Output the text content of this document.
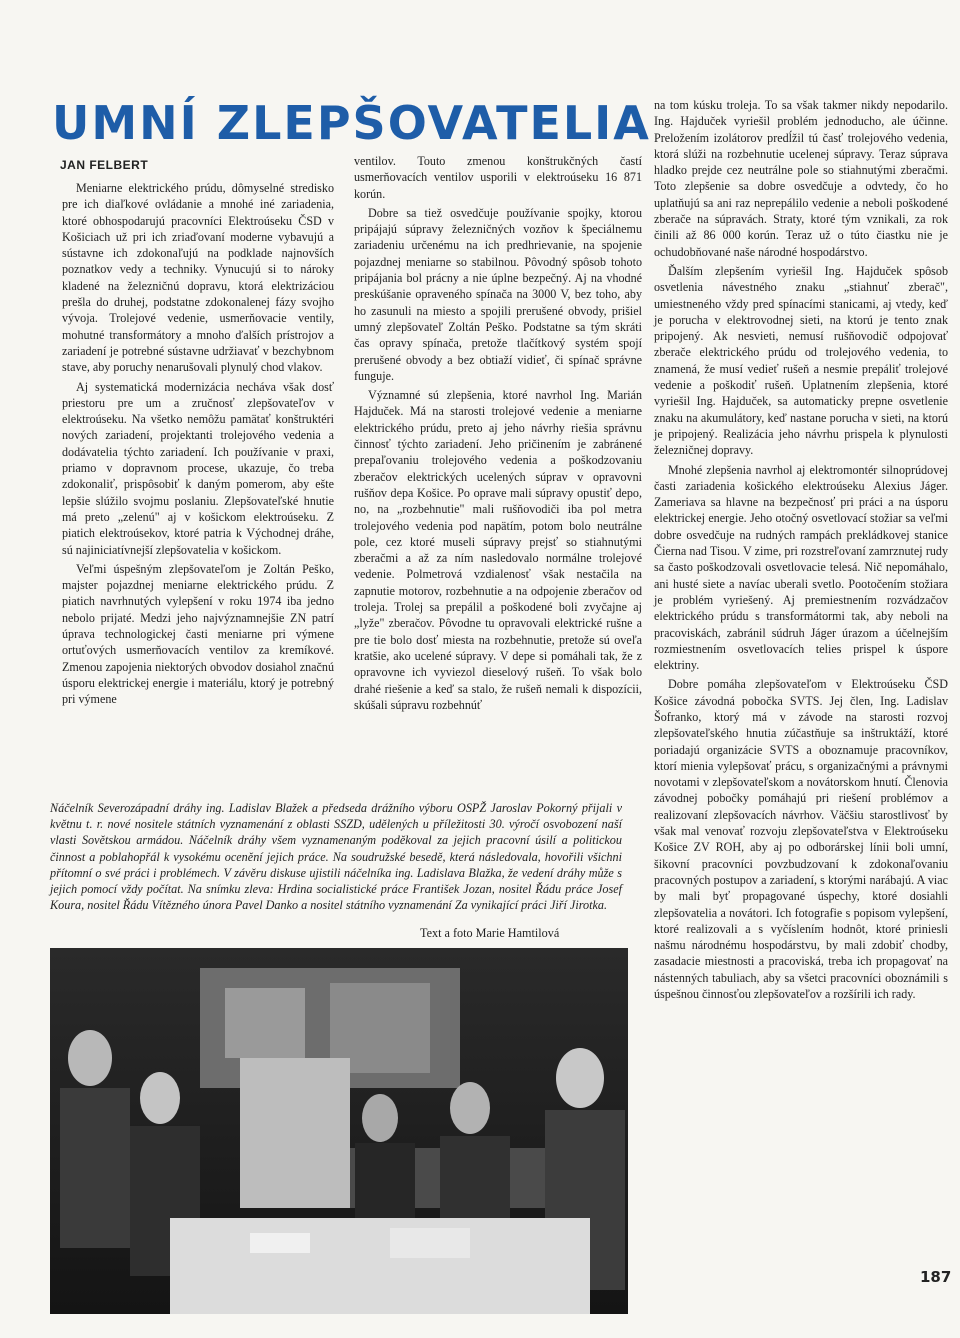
UMNÍ ZLEPŠOVATELIA
JAN FELBERT

Meniarne elektrického prúdu, dômyselné stredisko pre ich diaľkové ovládanie a mnohé iné zariadenia, ktoré obhospodarujú pracovníci Elektroúseku ČSD v Košiciach už pri ich zriaďovaní moderne vybavujú a sústavne ich zdokonaľujú na podklade najnovších poznatkov vedy a techniky. Vynucujú si to nároky kladené na železničnú dopravu, ktorá elektrizáciou prešla do druhej, podstatne zdokonalenej fázy svojho vývoja. Trolejové vedenie, usmerňovacie ventily, mohutné transformátory a mnoho ďalších prístrojov a zariadení je potrebné sústavne udržiavať v bezchybnom stave, aby poruchy nenarušovali plynulý chod vlakov.

Aj systematická modernizácia necháva však dosť priestoru pre um a zručnosť zlepšovateľov v elektroúseku. Na všetko nemôžu pamätať konštruktéri nových zariadení, projektanti trolejového vedenia a dodávatelia týchto zariadení. Ich používanie v praxi, priamo v dopravnom procese, ukazuje, čo treba zdokonaliť, prispôsobiť k daným pomerom, aby ešte lepšie slúžilo svojmu poslaniu. Zlepšovateľské hnutie má preto „zelenú" aj v košickom elektroúseku. Z piatich elektroúsekov, ktoré patria k Východnej dráhe, sú najiniciatívnejší zlepšovatelia v košickom.

Veľmi úspešným zlepšovateľom je Zoltán Peško, majster pojazdnej meniarne elektrického prúdu. Z piatich navrhnutých vylepšení v roku 1974 iba jedno nebolo prijaté. Medzi jeho najvýznamnejšie ZN patrí úprava technologickej časti meniarne pri výmene ortuťových usmerňovacích ventilov za kremíkové. Zmenou zapojenia niektorých obvodov dosiahol značnú úsporu elektrickej energie i materiálu, ktorý je potrebný pri výmene

ventilov. Touto zmenou konštrukčných častí usmerňovacích ventilov usporili v elektroúseku 16 871 korún.

Dobre sa tiež osvedčuje používanie spojky, ktorou pripájajú súpravy železničných vozňov k špeciálnemu zariadeniu určenému na ich predhrievanie, na spojenie pojazdnej meniarne so stabilnou. Pôvodný spôsob tohoto pripájania bol prácny a nie úplne bezpečný. Aj na vhodné preskúšanie opraveného spínača na 3000 V, bez toho, aby ho zasunuli na miesto a spojili prerušené obvody, prišiel umný zlepšovateľ Zoltán Peško. Podstatne sa tým skráti čas opravy spínača, pretože tlačítkový systém spojí prerušené obvody a bez obtiaží vidieť, či spínač správne funguje.

Významné sú zlepšenia, ktoré navrhol Ing. Marián Hajduček. Má na starosti trolejové vedenie a meniarne elektrického prúdu, preto aj jeho návrhy riešia správnu činnosť týchto zariadení. Jeho pričinením je zabránené prepaľovaniu trolejového vedenia a poškodzovaniu zberačov elektrických ucelených súprav v opravovni rušňov depa Košice. Po oprave mali súpravy opustiť depo, no, na „rozbehnutie" mali rušňovodiči iba pol metra trolejového vedenia pod napätím, potom bolo neutrálne pole, cez ktoré museli súpravy prejsť so stiahnutými zberačmi a až za ním nasledovalo normálne trolejové vedenie. Polmetrová vzdialenosť však nestačila na zapnutie motorov, rozbehnutie a na odpojenie zberačov od troleja. Trolej sa prepálil a poškodené boli zvyčajne aj „lyže" zberačov. Pôvodne tu opravovali elektrické rušne a pre tie bolo dosť miesta na rozbehnutie, pretože sú oveľa kratšie, ako ucelené súpravy. V depe si pomáhali tak, že z opravovne ich vyviezol dieselový rušeň. To však bolo drahé riešenie a keď sa stalo, že rušeň nemali k dispozícii, skúšali súpravu rozbehnúť

na tom kúsku troleja. To sa však takmer nikdy nepodarilo. Ing. Hajduček vyriešil problém jednoducho, ale účinne. Preložením izolátorov predĺžil tú časť trolejového vedenia, ktorá slúži na rozbehnutie ucelenej súpravy. Teraz súprava hladko prejde cez neutrálne pole so stiahnutými zberačmi. Toto zlepšenie sa dobre osvedčuje a odvtedy, čo ho uplatňujú sa ani raz neprepálilo vedenie a neboli poškodené zberače na súpravách. Straty, ktoré tým vznikali, za rok činili až 86 000 korún. Teraz už o túto čiastku nie je ochudobňované naše národné hospodárstvo.

Ďalším zlepšením vyriešil Ing. Hajduček spôsob osvetlenia návestného znaku „stiahnuť zberač", umiestneného vždy pred spínacími stanicami, aj vtedy, keď je porucha v elektrovodnej sieti, na ktorú je tento znak pripojený. Ak nesvieti, nemusí rušňovodič odpojovať zberače elektrického prúdu od trolejového vedenia, to znamená, že musí vedieť rušeň a nesmie prepáliť trolejové vedenie a poškodiť rušeň. Uplatnením zlepšenia, ktoré vyriešil Ing. Hajduček, sa automaticky prepne osvetlenie znaku na akumulátory, keď nastane porucha v sieti, na ktorú je pripojený. Realizácia jeho návrhu prispela k plynulosti železničnej dopravy.

Mnohé zlepšenia navrhol aj elektromontér silnoprúdovej časti zariadenia košického elektroúseku Alexius Jáger. Zameriava sa hlavne na bezpečnosť pri práci a na úsporu elektrickej energie. Jeho otočný osvetlovací stožiar sa veľmi dobre osvedčuje na rudných rampách prekládkovej stanice Čierna nad Tisou. V zime, pri rozstreľovaní zamrznutej rudy sa často poškodzovali osvetlovacie telesá. Nič nepomáhalo, ani husté siete a navíac uberali svetlo. Pootočením stožiara je problém vyriešený. Aj premiestnením rozvádzačov elektrického prúdu s transformátormi tak, aby neboli na pracoviskách, zabránil súdruh Jáger úrazom a účelnejším rozmiestnením osvetlovacích telies prispel k úspore elektriny.

Dobre pomáha zlepšovateľom v Elektroúseku ČSD Košice závodná pobočka SVTS. Jej člen, Ing. Ladislav Šofranko, ktorý má v závode na starosti rozvoj zlepšovateľského hnutia zúčastňuje sa inštruktáží, ktoré poriadajú organizácie SVTS a oboznamuje pracovníkov, ktorí mienia vylepšovať prácu, s organizačnými a právnymi novotami v zlepšovateľskom a novátorskom hnutí. Členovia závodnej pobočky pomáhajú pri riešení problémov a realizovaní zlepšovacích návrhov. Väčšiu starostlivosť by však mal venovať rozvoju zlepšovateľstva v Elektroúseku Košice ZV ROH, aby aj po odborárskej línii boli umní, šikovní pracovníci povzbudzovaní k zdokonaľovaniu pracovných postupov a zariadení, s ktorými narábajú. A viac by mali byť propagované úspechy, ktoré dosiahli zlepšovatelia a novátori. Ich fotografie s popisom vylepšení, ktoré realizovali a s vyčíslením hodnôt, ktoré priniesli našmu národnému hospodárstvu, by mali zdobiť chodby, zasadacie miestnosti a pracoviská, treba ich propagovať na nástenných tabuliach, aby sa všetci pracovníci oboznámili s úspešnou činnosťou zlepšovateľov a rozšírili ich rady.

Náčelník Severozápadní dráhy ing. Ladislav Blažek a předseda drážního výboru OSPŽ Jaroslav Pokorný přijali v květnu t. r. nové nositele státních vyznamenání z oblasti SSZD, udělených u příležitosti 30. výročí osvobození naší vlasti Sovětskou armádou. Náčelník dráhy všem vyznamenaným poděkoval za jejich pracovní úsilí a politickou činnost a poblahopřál k vysokému ocenění jejich práce. Na soudružské besedě, která následovala, hovořili všichni přítomní o své práci i problémech. V závěru diskuse ujistili náčelníka ing. Ladislava Blažka, že vedení dráhy může s jejich pomocí vždy počítat. Na snímku zleva: Hrdina socialistické práce František Jozan, nositel Řádu práce Josef Koura, nositel Řádu Vítězného února Pavel Danko a nositel státního vyznamenání Za vynikající práci Jiří Jirotka.
Text a foto Marie Hamtilová
187
